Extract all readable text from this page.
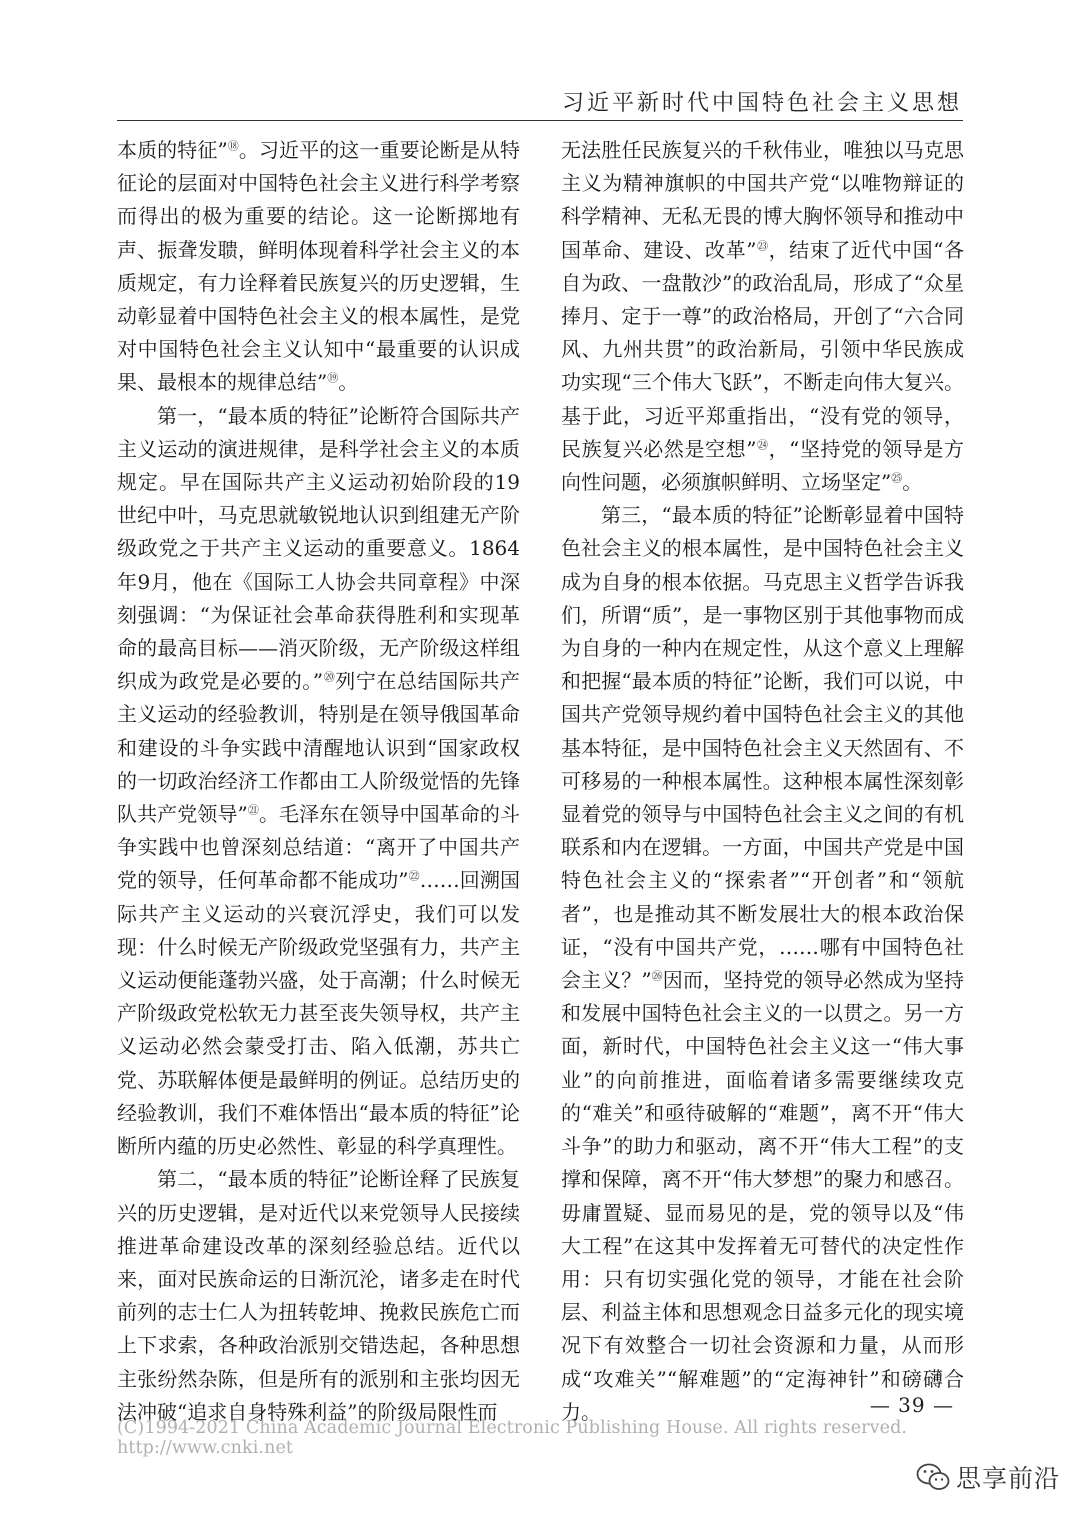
习近平新时代中国特色社会主义思想

本质的特征”⑱。习近平的这一重要论断是从特征论的层面对中国特色社会主义进行科学考察而得出的极为重要的结论。这一论断掷地有声、振聋发聩，鲜明体现着科学社会主义的本质规定，有力诠释着民族复兴的历史逻辑，生动彰显着中国特色社会主义的根本属性，是党对中国特色社会主义认知中“最重要的认识成果、最根本的规律总结”⑲。

第一，“最本质的特征”论断符合国际共产主义运动的演进规律，是科学社会主义的本质规定。早在国际共产主义运动初始阶段的19世纪中叶，马克思就敏锐地认识到组建无产阶级政党之于共产主义运动的重要意义。1864年9月，他在《国际工人协会共同章程》中深刻强调：“为保证社会革命获得胜利和实现革命的最高目标——消灭阶级，无产阶级这样组织成为政党是必要的。”⑳列宁在总结国际共产主义运动的经验教训，特别是在领导俄国革命和建设的斗争实践中清醒地认识到“国家政权的一切政治经济工作都由工人阶级觉悟的先锋队共产党领导”$^㉑$。毛泽东在领导中国革命的斗争实践中也曾深刻总结道：“离开了中国共产党的领导，任何革命都不能成功”$^㉒$……回溯国际共产主义运动的兴衰沉浮史，我们可以发现：什么时候无产阶级政党坚强有力，共产主义运动便能蓬勃兴盛，处于高潮；什么时候无产阶级政党松软无力甚至丧失领导权，共产主义运动必然会蒙受打击、陷入低潮，苏共亡党、苏联解体便是最鲜明的例证。总结历史的经验教训，我们不难体悟出“最本质的特征”论断所内蕴的历史必然性、彰显的科学真理性。

第二，“最本质的特征”论断诠释了民族复兴的历史逻辑，是对近代以来党领导人民接续推进革命建设改革的深刻经验总结。近代以来，面对民族命运的日渐沉沦，诸多走在时代前列的志士仁人为扭转乾坤、挽救民族危亡而上下求索，各种政治派别交错迭起，各种思想主张纷然杂陈，但是所有的派别和主张均因无法冲破“追求自身特殊利益”的阶级局限性而

无法胜任民族复兴的千秋伟业，唯独以马克思主义为精神旗帜的中国共产党“以唯物辩证的科学精神、无私无畏的博大胸怀领导和推动中国革命、建设、改革”$^㉓$，结束了近代中国“各自为政、一盘散沙”的政治乱局，形成了“众星捧月、定于一尊”的政治格局，开创了“六合同风、九州共贯”的政治新局，引领中华民族成功实现“三个伟大飞跃”，不断走向伟大复兴。基于此，习近平郑重指出，“没有党的领导，民族复兴必然是空想”$^㉔$，“坚持党的领导是方向性问题，必须旗帜鲜明、立场坚定”$^㉕$。

第三，“最本质的特征”论断彰显着中国特色社会主义的根本属性，是中国特色社会主义成为自身的根本依据。马克思主义哲学告诉我们，所谓“质”，是一事物区别于其他事物而成为自身的一种内在规定性，从这个意义上理解和把握“最本质的特征”论断，我们可以说，中国共产党领导规约着中国特色社会主义的其他基本特征，是中国特色社会主义天然固有、不可移易的一种根本属性。这种根本属性深刻彰显着党的领导与中国特色社会主义之间的有机联系和内在逻辑。一方面，中国共产党是中国特色社会主义的“探索者”“开创者”和“领航者”，也是推动其不断发展壮大的根本政治保证，“没有中国共产党，……哪有中国特色社会主义？”$^㉖$因而，坚持党的领导必然成为坚持和发展中国特色社会主义的一以贯之。另一方面，新时代，中国特色社会主义这一“伟大事业”的向前推进，面临着诸多需要继续攻克的“难关”和亟待破解的“难题”，离不开“伟大斗争”的助力和驱动，离不开“伟大工程”的支撑和保障，离不开“伟大梦想”的聚力和感召。毋庸置疑、显而易见的是，党的领导以及“伟大工程”在这其中发挥着无可替代的决定性作用：只有切实强化党的领导，才能在社会阶层、利益主体和思想观念日益多元化的现实境况下有效整合一切社会资源和力量，从而形成“攻难关”“解难题”的“定海神针”和磅礴合力。	— 39 —
(C)1994-2021 China Academic Journal Electronic Publishing House. All rights reserved. http://www.cnki.net
思享前沿
